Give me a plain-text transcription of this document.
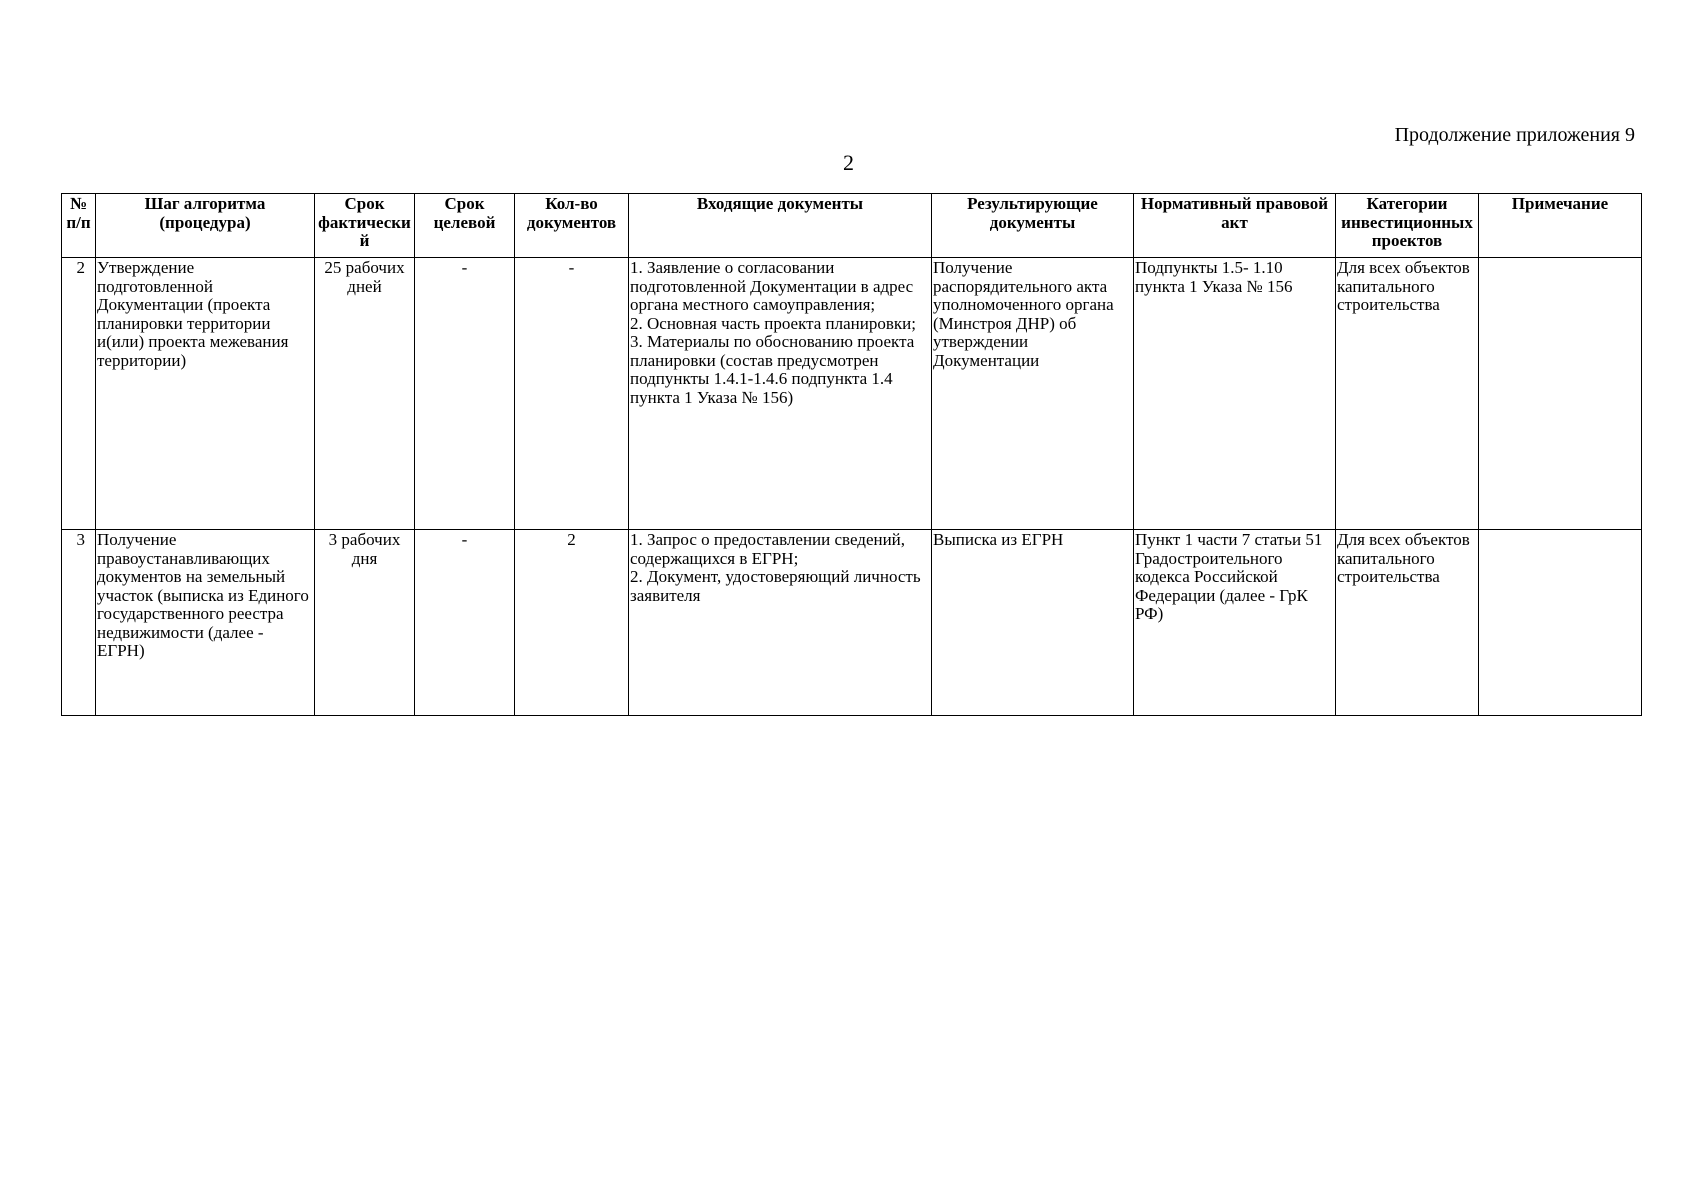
Продолжение приложения 9
2
№ п/п	Шаг алгоритма (процедура)	Срок фактический	Срок целевой	Кол-во документов	Входящие документы	Результирующие документы	Нормативный правовой акт	Категории инвестиционных проектов	Примечание
2	Утверждение подготовленной Документации (проекта планировки территории и(или) проекта межевания территории)	25 рабочих дней	-	-	1. Заявление о согласовании подготовленной Документации в адрес органа местного самоуправления;
2. Основная часть проекта планировки;
3. Материалы по обоснованию проекта планировки (состав предусмотрен подпункты 1.4.1-1.4.6 подпункта 1.4 пункта 1 Указа № 156)	Получение распорядительного акта уполномоченного органа (Минстроя ДНР) об утверждении Документации	Подпункты 1.5- 1.10 пункта 1 Указа № 156	Для всех объектов капитального строительства	
3	Получение правоустанавливающих документов на земельный участок (выписка из Единого государственного реестра недвижимости (далее - ЕГРН)	3 рабочих дня	-	2	1. Запрос о предоставлении сведений, содержащихся в ЕГРН;
2. Документ, удостоверяющий личность заявителя	Выписка из ЕГРН	Пункт 1 части 7 статьи 51 Градостроительного кодекса Российской Федерации (далее - ГрК РФ)	Для всех объектов капитального строительства	
